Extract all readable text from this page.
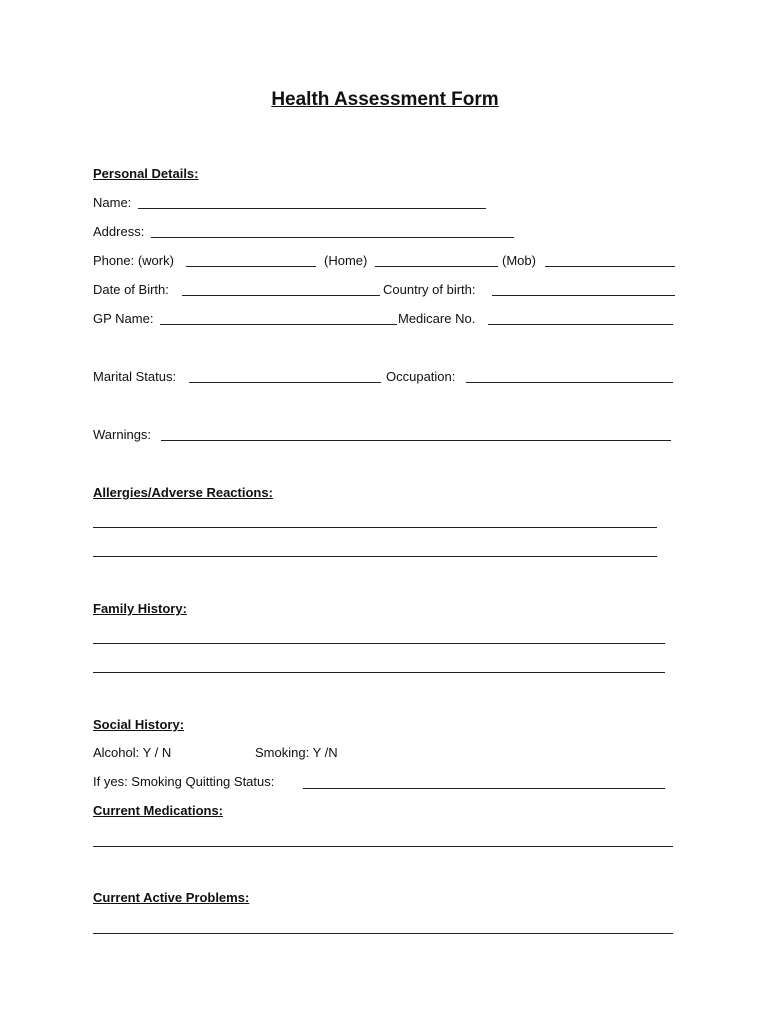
Health Assessment Form
Personal Details:
Name:
Address:
Phone: (work)	(Home)	(Mob)
Date of Birth:	Country of birth:
GP Name:	Medicare No.
Marital Status:	Occupation:
Warnings:
Allergies/Adverse Reactions:
Family History:
Social History:
Alcohol: Y / N	Smoking: Y /N
If yes: Smoking Quitting Status:
Current Medications:
Current Active Problems:
